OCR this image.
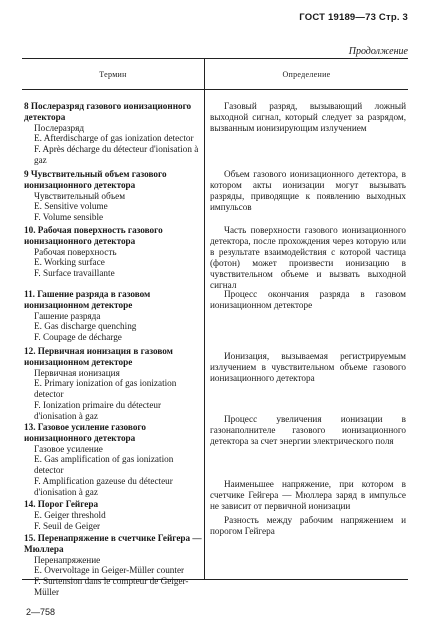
ГОСТ 19189—73 Стр. 3
Продолжение
Термин	Определение
8 Послеразряд газового ионизационного детектора
Послеразряд
E. Afterdischarge of gas ionization detector
F. Après décharge du détecteur d'ionisation à gaz
Газовый разряд, вызывающий ложный выходной сигнал, который следует за разрядом, вызванным ионизирующим излучением
9 Чувствительный объем газового ионизационного детектора
Чувствительный объем
E. Sensitive volume
F. Volume sensible
Объем газового ионизационного детектора, в котором акты ионизации могут вызывать разряды, приводящие к появлению выходных импульсов
10. Рабочая поверхность газового ионизационного детектора
Рабочая поверхность
E. Working surface
F. Surface travaillante
Часть поверхности газового ионизационного детектора, после прохождения через которую или в результате взаимодействия с которой частица (фотон) может произвести ионизацию в чувствительном объеме и вызвать выходной сигнал
11. Гашение разряда в газовом ионизационном детекторе
Гашение разряда
E. Gas discharge quenching
F. Coupage de décharge
Процесс окончания разряда в газовом ионизационном детекторе
12. Первичная ионизация в газовом ионизационном детекторе
Первичная ионизация
E. Primary ionization of gas ionization detector
F. Ionization primaire du détecteur d'ionisation à gaz
Ионизация, вызываемая регистрируемым излучением в чувствительном объеме газового ионизационного детектора
13. Газовое усиление газового ионизационного детектора
Газовое усиление
E. Gas amplification of gas ionization detector
F. Amplification gazeuse du détecteur d'ionisation à gaz
Процесс увеличения ионизации в газонаполнителе газового ионизационного детектора за счет энергии электрического поля
14. Порог Гейгера
E. Geiger threshold
F. Seuil de Geiger
Наименьшее напряжение, при котором в счетчике Гейгера — Мюллера заряд в импульсе не зависит от первичной ионизации
15. Перенапряжение в счетчике Гейгера — Мюллера
Перенапряжение
E. Overvoltage in Geiger-Müller counter
F. Surtension dans le compteur de Geiger-Müller
Разность между рабочим напряжением и порогом Гейгера
2—758
